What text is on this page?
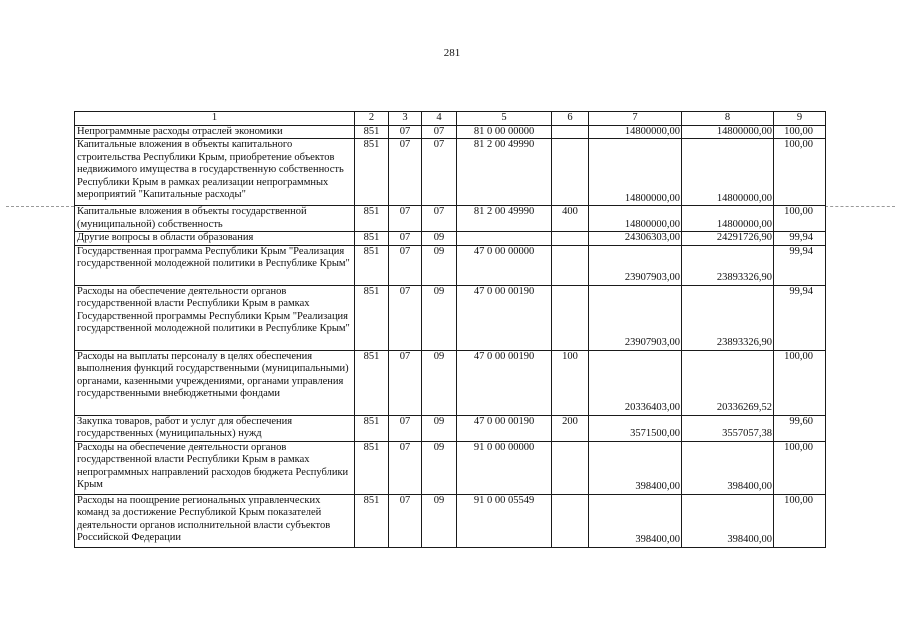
281
1	2	3	4	5	6	7	8	9
Непрограммные расходы отраслей экономики	851	07	07	81 0 00 00000		14800000,00	14800000,00	100,00
Капитальные вложения в объекты капитального строительства Республики Крым, приобретение объектов недвижимого имущества в государственную собственность Республики Крым в рамках реализации непрограммных мероприятий "Капитальные расходы"	851	07	07	81 2 00 49990		14800000,00	14800000,00	100,00
Капитальные вложения в объекты государственной (муниципальной) собственность	851	07	07	81 2 00 49990	400	14800000,00	14800000,00	100,00
Другие вопросы в области образования	851	07	09			24306303,00	24291726,90	99,94
Государственная программа Республики Крым "Реализация государственной молодежной политики в Республике Крым"	851	07	09	47 0 00 00000		23907903,00	23893326,90	99,94
Расходы на обеспечение деятельности органов государственной власти Республики Крым в рамках Государственной программы Республики Крым "Реализация государственной молодежной политики в Республике Крым"	851	07	09	47 0 00 00190		23907903,00	23893326,90	99,94
Расходы на выплаты персоналу в целях обеспечения выполнения функций государственными (муниципальными) органами, казенными учреждениями, органами управления государственными внебюджетными фондами	851	07	09	47 0 00 00190	100	20336403,00	20336269,52	100,00
Закупка товаров, работ и услуг для обеспечения государственных (муниципальных) нужд	851	07	09	47 0 00 00190	200	3571500,00	3557057,38	99,60
Расходы на обеспечение деятельности органов государственной власти Республики Крым в рамках непрограммных направлений расходов бюджета Республики Крым	851	07	09	91 0 00 00000		398400,00	398400,00	100,00
Расходы на поощрение региональных управленческих команд за достижение Республикой Крым показателей деятельности органов исполнительной власти субъектов Российской Федерации	851	07	09	91 0 00 05549		398400,00	398400,00	100,00
